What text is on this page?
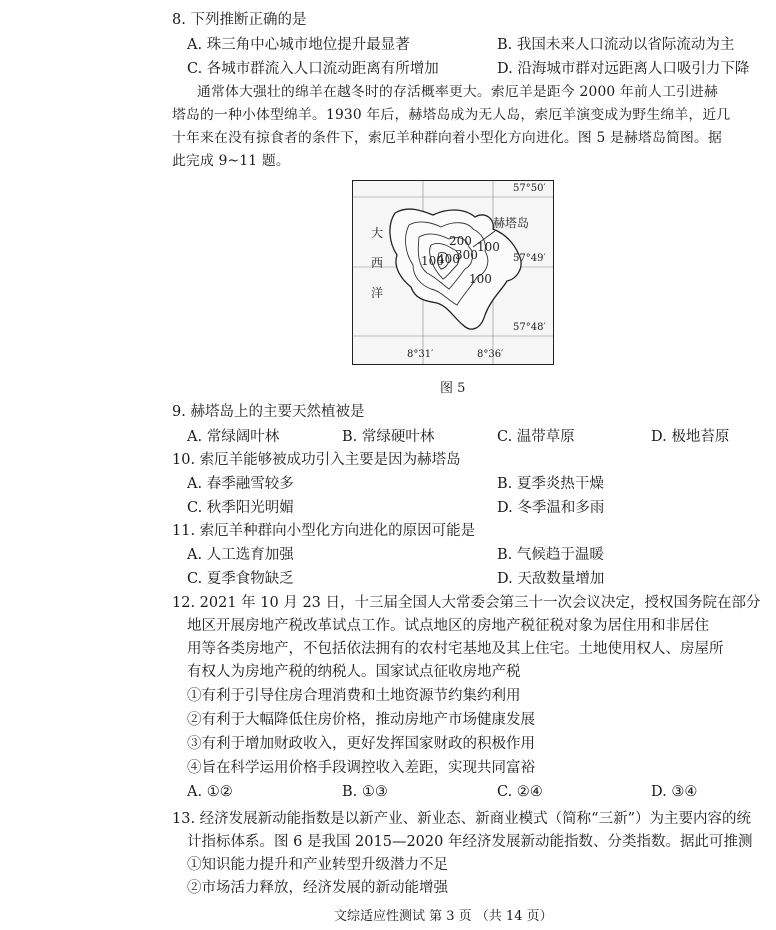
8. 下列推断正确的是
A. 珠三角中心城市地位提升最显著	B. 我国未来人口流动以省际流动为主
C. 各城市群流入人口流动距离有所增加	D. 沿海城市群对远距离人口吸引力下降
通常体大强壮的绵羊在越冬时的存活概率更大。索厄羊是距今 2000 年前人工引进赫
塔岛的一种小体型绵羊。1930 年后，赫塔岛成为无人岛，索厄羊演变成为野生绵羊，近几
十年来在没有掠食者的条件下，索厄羊种群向着小型化方向进化。图 5 是赫塔岛简图。据
此完成 9~11 题。
100
200
300
400
100
100
大
西
洋
赫塔岛
57°50′
57°49′
57°48′
8°31′	8°36′
图 5
9. 赫塔岛上的主要天然植被是
A. 常绿阔叶林	B. 常绿硬叶林	C. 温带草原	D. 极地苔原
10. 索厄羊能够被成功引入主要是因为赫塔岛
A. 春季融雪较多	B. 夏季炎热干燥
C. 秋季阳光明媚	D. 冬季温和多雨
11. 索厄羊种群向小型化方向进化的原因可能是
A. 人工选育加强	B. 气候趋于温暖
C. 夏季食物缺乏	D. 天敌数量增加
12. 2021 年 10 月 23 日，十三届全国人大常委会第三十一次会议决定，授权国务院在部分
地区开展房地产税改革试点工作。试点地区的房地产税征税对象为居住用和非居住
用等各类房地产，不包括依法拥有的农村宅基地及其上住宅。土地使用权人、房屋所
有权人为房地产税的纳税人。国家试点征收房地产税
①有利于引导住房合理消费和土地资源节约集约利用
②有利于大幅降低住房价格，推动房地产市场健康发展
③有利于增加财政收入，更好发挥国家财政的积极作用
④旨在科学运用价格手段调控收入差距，实现共同富裕
A. ①②	B. ①③	C. ②④	D. ③④
13. 经济发展新动能指数是以新产业、新业态、新商业模式（简称“三新”）为主要内容的统
计指标体系。图 6 是我国 2015—2020 年经济发展新动能指数、分类指数。据此可推测
①知识能力提升和产业转型升级潜力不足
②市场活力释放，经济发展的新动能增强
文综适应性测试 第 3 页 （共 14 页）
